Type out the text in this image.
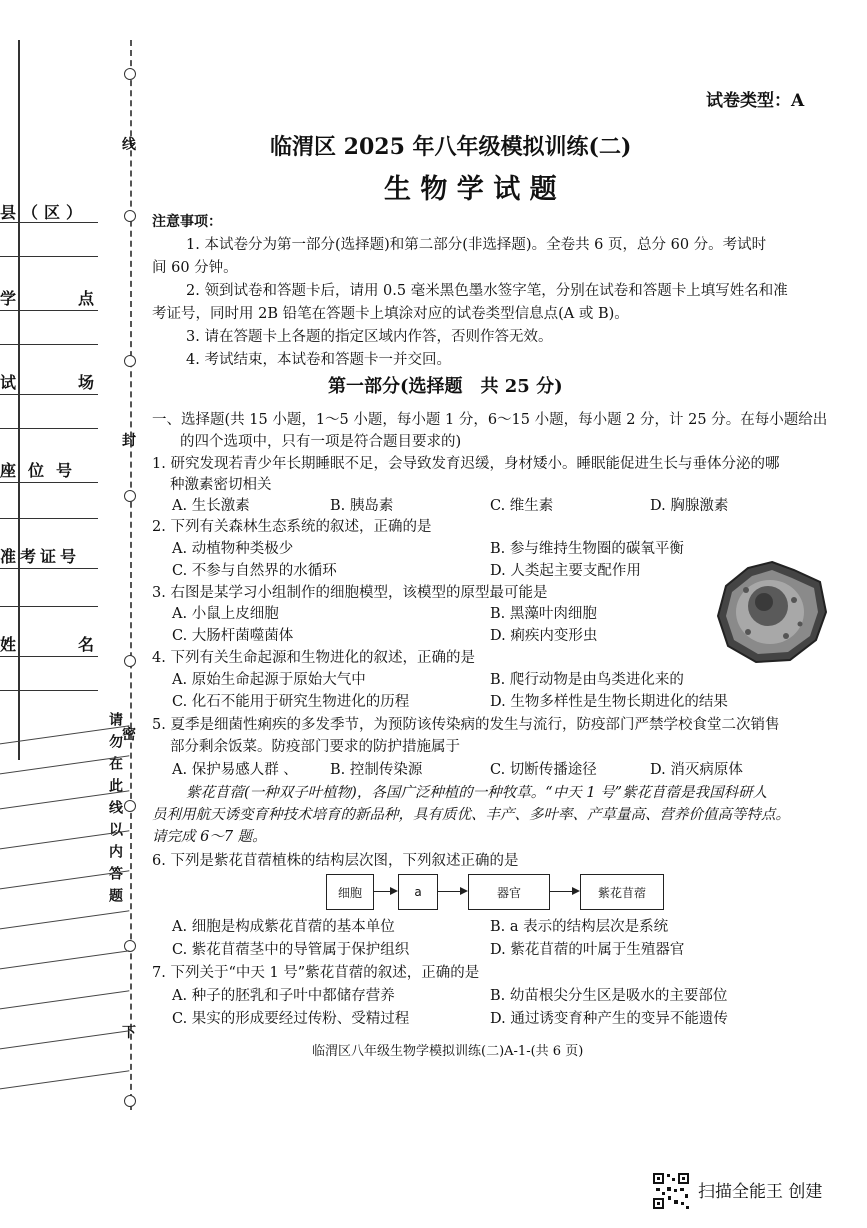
线
封
密
请勿在此线以内答题
下
县（区）
学　　点
试　　场
座位号
准考证号
姓　　名
试卷类型：A
临渭区 2025 年八年级模拟训练(二)
生 物 学 试 题
注意事项：
1. 本试卷分为第一部分(选择题)和第二部分(非选择题)。全卷共 6 页，总分 60 分。考试时
间 60 分钟。
2. 领到试卷和答题卡后，请用 0.5 毫米黑色墨水签字笔，分别在试卷和答题卡上填写姓名和准
考证号，同时用 2B 铅笔在答题卡上填涂对应的试卷类型信息点(A 或 B)。
3. 请在答题卡上各题的指定区域内作答，否则作答无效。
4. 考试结束，本试卷和答题卡一并交回。
第一部分(选择题　共 25 分)
一、选择题(共 15 小题，1～5 小题，每小题 1 分，6～15 小题，每小题 2 分，计 25 分。在每小题给出
的四个选项中，只有一项是符合题目要求的)
1. 研究发现若青少年长期睡眠不足，会导致发育迟缓，身材矮小。睡眠能促进生长与垂体分泌的哪
种激素密切相关
A. 生长激素	B. 胰岛素	C. 维生素	D. 胸腺激素
2. 下列有关森林生态系统的叙述，正确的是
A. 动植物种类极少	B. 参与维持生物圈的碳氧平衡
C. 不参与自然界的水循环	D. 人类起主要支配作用
3. 右图是某学习小组制作的细胞模型，该模型的原型最可能是
A. 小鼠上皮细胞	B. 黑藻叶肉细胞
C. 大肠杆菌噬菌体	D. 痢疾内变形虫
4. 下列有关生命起源和生物进化的叙述，正确的是
A. 原始生命起源于原始大气中	B. 爬行动物是由鸟类进化来的
C. 化石不能用于研究生物进化的历程	D. 生物多样性是生物长期进化的结果
5. 夏季是细菌性痢疾的多发季节，为预防该传染病的发生与流行，防疫部门严禁学校食堂二次销售
部分剩余饭菜。防疫部门要求的防护措施属于
A. 保护易感人群 、 B. 控制传染源	C. 切断传播途径	D. 消灭病原体
紫花苜蓿(一种双子叶植物)，各国广泛种植的一种牧草。“中天 1 号”紫花苜蓿是我国科研人
员利用航天诱变育种技术培育的新品种，具有质优、丰产、多叶率、产草量高、营养价值高等特点。
请完成 6～7 题。
6. 下列是紫花苜蓿植株的结构层次图，下列叙述正确的是
细胞	a	器官	紫花苜蓿
A. 细胞是构成紫花苜蓿的基本单位	B. a 表示的结构层次是系统
C. 紫花苜蓿茎中的导管属于保护组织	D. 紫花苜蓿的叶属于生殖器官
7. 下列关于“中天 1 号”紫花苜蓿的叙述，正确的是
A. 种子的胚乳和子叶中都储存营养	B. 幼苗根尖分生区是吸水的主要部位
C. 果实的形成要经过传粉、受精过程	D. 通过诱变育种产生的变异不能遗传
临渭区八年级生物学模拟训练(二)A-1-(共 6 页)
扫描全能王 创建
